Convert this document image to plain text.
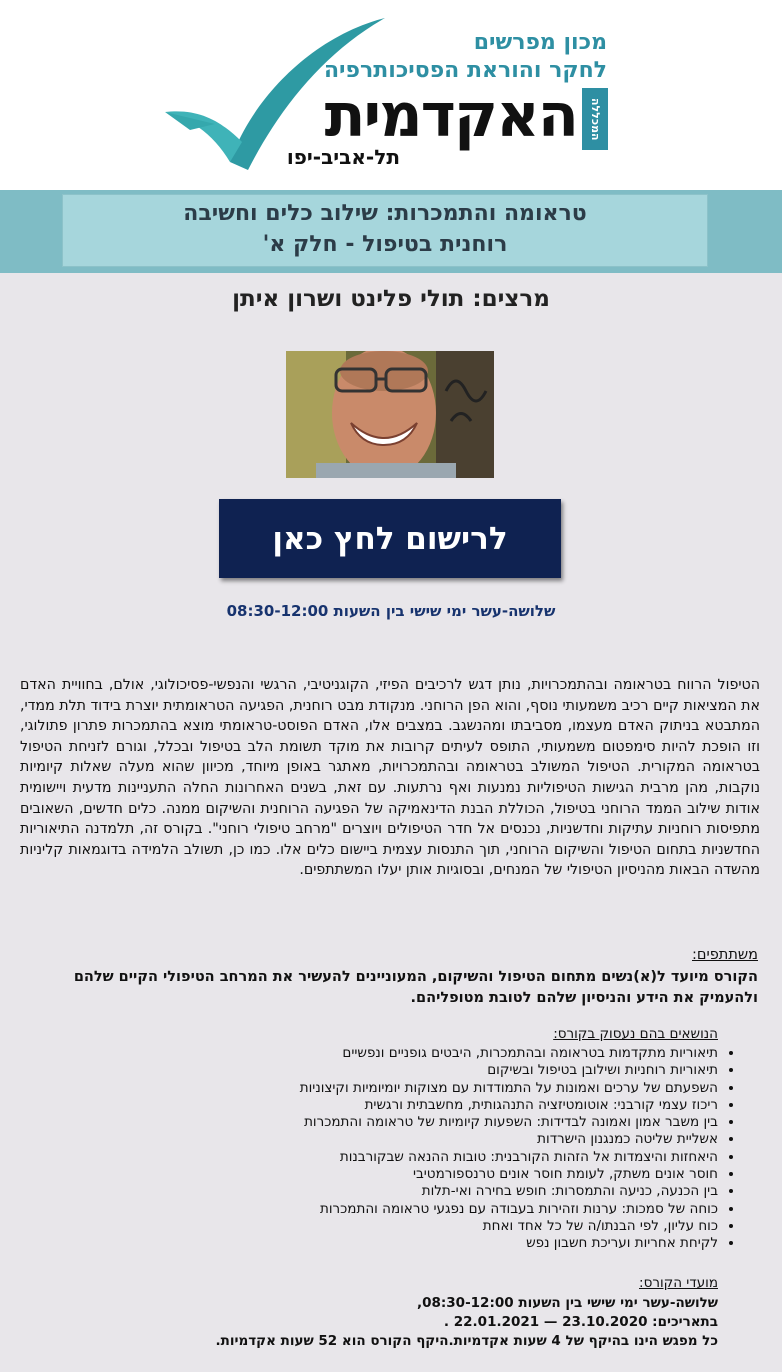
מכון מפרשים
לחקר והוראת הפסיכותרפיה
האקדמית	המכללה
תל-אביב-יפו
טראומה והתמכרות: שילוב כלים וחשיבה
רוחנית בטיפול - חלק א'
מרצים: תולי פלינט ושרון איתן
לרישום לחץ כאן
שלושה-עשר ימי שישי בין השעות 08:30-12:00
הטיפול הרווח בטראומה ובהתמכרויות, נותן דגש לרכיבים הפיזי, הקוגניטיבי, הרגשי והנפשי-פסיכולוגי, אולם, בחוויית האדם את המציאות קיים רכיב משמעותי נוסף, והוא הפן הרוחני. מנקודת מבט רוחנית, הפגיעה הטראומתית יוצרת בידוד תלת ממדי, המתבטא בניתוק האדם מעצמו, מסביבתו ומהנשגב. במצבים אלו, האדם הפוסט-טראומתי מוצא בהתמכרות פתרון פתולוגי, וזו הופכת להיות סימפטום משמעותי, התופס לעיתים קרובות את מוקד תשומת הלב בטיפול ובכלל, וגורם לזניחת הטיפול בטראומה המקורית. הטיפול המשולב בטראומה ובהתמכרויות, מאתגר באופן מיוחד, מכיוון שהוא מעלה שאלות קיומיות נוקבות, מהן מרבית הגישות הטיפוליות נמנעות ואף נרתעות. עם זאת, בשנים האחרונות החלה התעניינות מדעית ויישומית אודות שילוב הממד הרוחני בטיפול, הכוללת הבנת הדינאמיקה של הפגיעה הרוחנית והשיקום ממנה. כלים חדשים, השאובים מתפיסות רוחניות עתיקות וחדשניות, נכנסים אל חדר הטיפולים ויוצרים "מרחב טיפולי רוחני". בקורס זה, תלמדנה התיאוריות החדשניות בתחום הטיפול והשיקום הרוחני, תוך התנסות עצמית ביישום כלים אלו. כמו כן, תשולב הלמידה בדוגמאות קליניות מהשדה הבאות מהניסיון הטיפולי של המנחים, ובסוגיות אותן יעלו המשתתפים.
משתתפים:
הקורס מיועד ל(א)נשים מתחום הטיפול והשיקום, המעוניינים להעשיר את המרחב הטיפולי הקיים שלהם ולהעמיק את הידע והניסיון שלהם לטובת מטופליהם.
הנושאים בהם נעסוק בקורס:
• תיאוריות מתקדמות בטראומה ובהתמכרות, היבטים גופניים ונפשיים
• תיאוריות רוחניות ושילובן בטיפול ובשיקום
• השפעתם של ערכים ואמונות על התמודדות עם מצוקות יומיומיות וקיצוניות
• ריכוז עצמי קורבני: אוטומטיזציה התנהגותית, מחשבתית ורגשית
• בין משבר אמון ואמונה לבדידות: השפעות קיומיות של טראומה והתמכרות
• אשליית שליטה כמנגנון הישרדות
• היאחזות והיצמדות אל הזהות הקורבנית: טובות ההנאה שבקורבנות
• חוסר אונים משתק, לעומת חוסר אונים טרנספורמטיבי
• בין הכנעה, כניעה והתמסרות: חופש בחירה ואי-תלות
• כוחה של סמכות: ערנות וזהירות בעבודה עם נפגעי טראומה והתמכרות
• כוח עליון, לפי הבנתו/ה של כל אחד ואחת
• לקיחת אחריות ועריכת חשבון נפש
מועדי הקורס:
שלושה-עשר ימי שישי בין השעות 08:30-12:00,
בתאריכים: 23.10.2020 — 22.01.2021 .
כל מפגש הינו בהיקף של 4 שעות אקדמיות.היקף הקורס הוא 52 שעות אקדמיות.
